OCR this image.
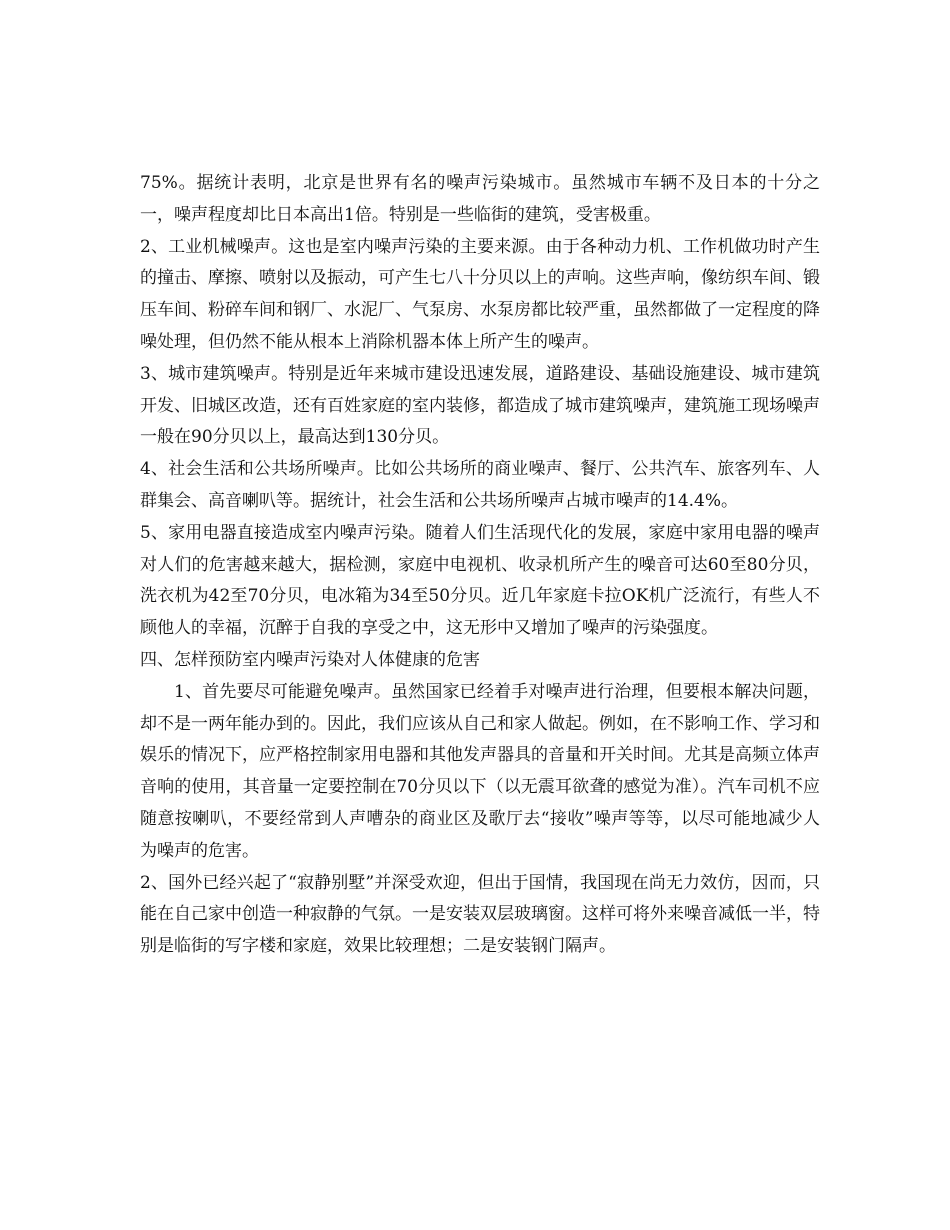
75%。据统计表明，北京是世界有名的噪声污染城市。虽然城市车辆不及日本的十分之一，噪声程度却比日本高出1倍。特别是一些临街的建筑，受害极重。

2、工业机械噪声。这也是室内噪声污染的主要来源。由于各种动力机、工作机做功时产生的撞击、摩擦、喷射以及振动，可产生七八十分贝以上的声响。这些声响，像纺织车间、锻压车间、粉碎车间和钢厂、水泥厂、气泵房、水泵房都比较严重，虽然都做了一定程度的降噪处理，但仍然不能从根本上消除机器本体上所产生的噪声。

3、城市建筑噪声。特别是近年来城市建设迅速发展，道路建设、基础设施建设、城市建筑开发、旧城区改造，还有百姓家庭的室内装修，都造成了城市建筑噪声，建筑施工现场噪声一般在90分贝以上，最高达到130分贝。

4、社会生活和公共场所噪声。比如公共场所的商业噪声、餐厅、公共汽车、旅客列车、人群集会、高音喇叭等。据统计，社会生活和公共场所噪声占城市噪声的14.4%。

5、家用电器直接造成室内噪声污染。随着人们生活现代化的发展，家庭中家用电器的噪声对人们的危害越来越大，据检测，家庭中电视机、收录机所产生的噪音可达60至80分贝，洗衣机为42至70分贝，电冰箱为34至50分贝。近几年家庭卡拉OK机广泛流行，有些人不顾他人的幸福，沉醉于自我的享受之中，这无形中又增加了噪声的污染强度。

四、怎样预防室内噪声污染对人体健康的危害

1、首先要尽可能避免噪声。虽然国家已经着手对噪声进行治理，但要根本解决问题，却不是一两年能办到的。因此，我们应该从自己和家人做起。例如，在不影响工作、学习和娱乐的情况下，应严格控制家用电器和其他发声器具的音量和开关时间。尤其是高频立体声音响的使用，其音量一定要控制在70分贝以下（以无震耳欲聋的感觉为准）。汽车司机不应随意按喇叭，不要经常到人声嘈杂的商业区及歌厅去“接收”噪声等等，以尽可能地减少人为噪声的危害。

2、国外已经兴起了“寂静别墅”并深受欢迎，但出于国情，我国现在尚无力效仿，因而，只能在自己家中创造一种寂静的气氛。一是安装双层玻璃窗。这样可将外来噪音减低一半，特别是临街的写字楼和家庭，效果比较理想；二是安装钢门隔声。
